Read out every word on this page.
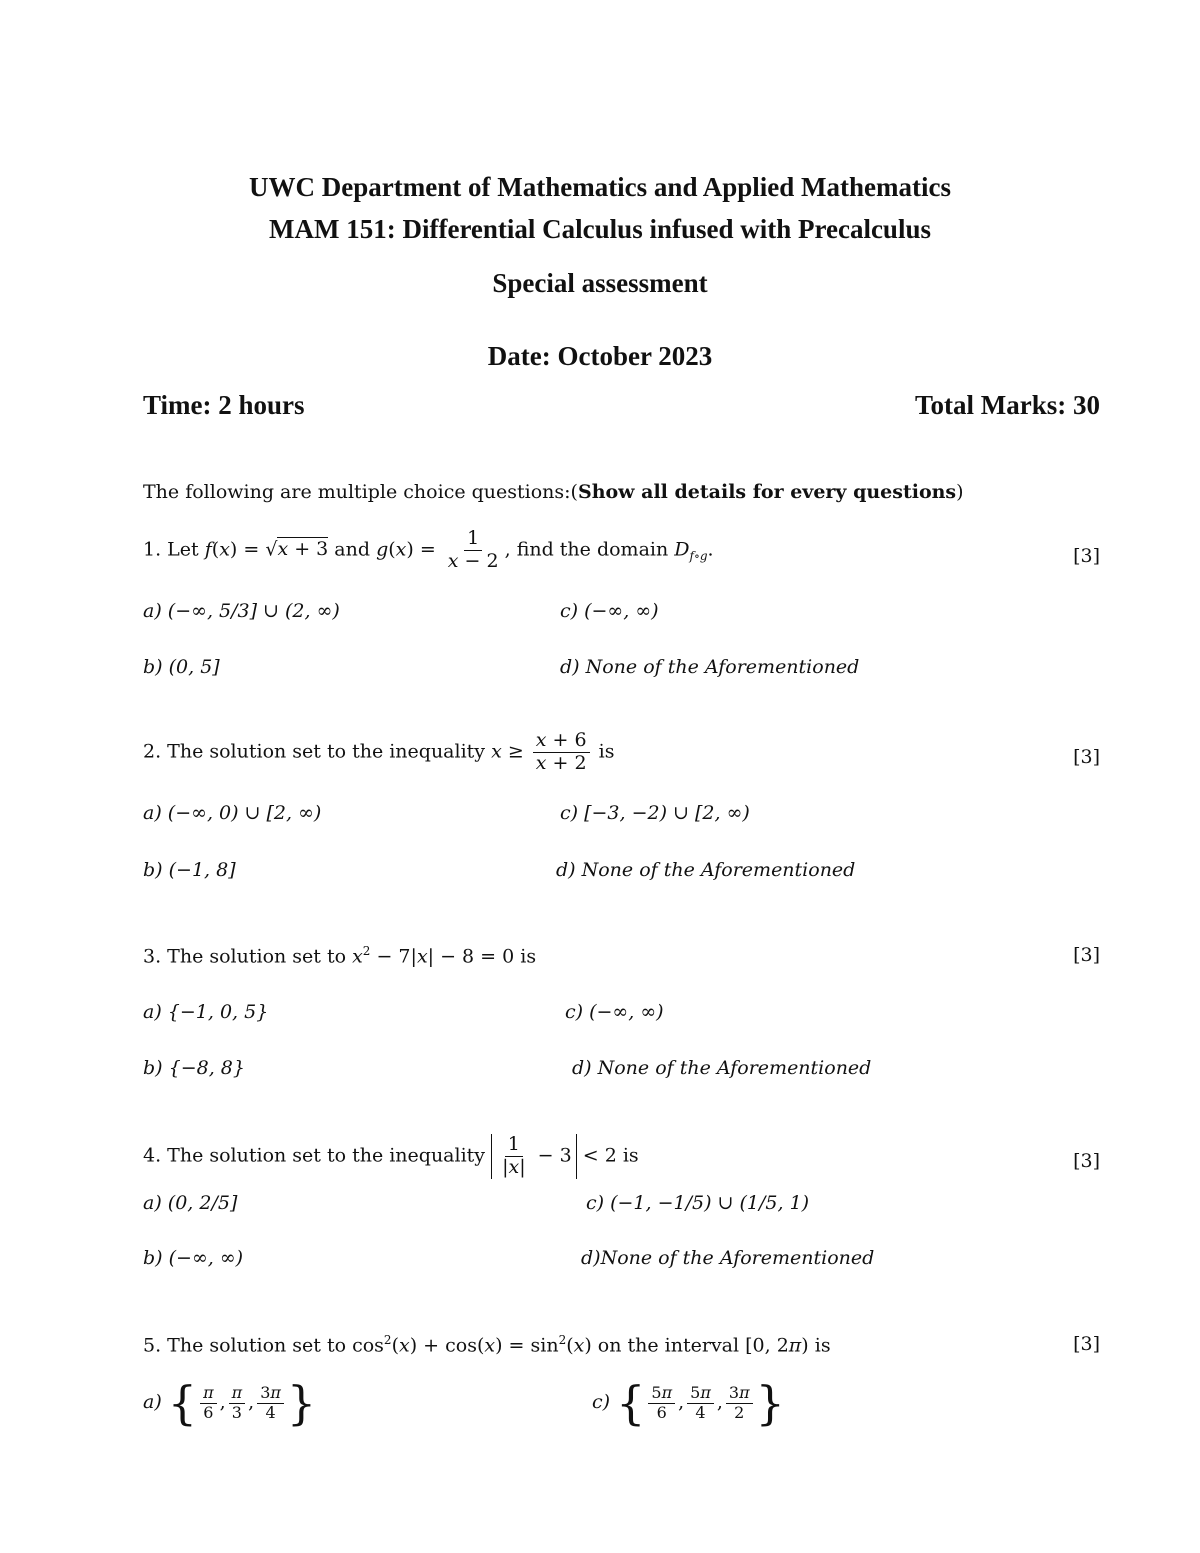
UWC Department of Mathematics and Applied Mathematics
MAM 151: Differential Calculus infused with Precalculus
Special assessment
Date: October 2023
Time: 2 hours	Total Marks: 30
The following are multiple choice questions:(Show all details for every questions)
1. Let f(x) = √x + 3 and $g(x) = \frac{1}{x - 2}$ , find the domain $D_{f\circ g}$.	[3]
a) (−∞, 5/3] ∪ (2, ∞)	c) (−∞, ∞)
b) (0, 5]	d) None of the Aforementioned
2. The solution set to the inequality $x \ge \frac{x + 6}{x + 2}$ is	[3]
a) (−∞, 0) ∪ [2, ∞)	c) [−3, −2) ∪ [2, ∞)
b) (−1, 8]	d) None of the Aforementioned
3. The solution set to $x^2 - 7|x| - 8 = 0$ is	[3]
a) {−1, 0, 5}	c) (−∞, ∞)
b) {−8, 8}	d) None of the Aforementioned
4. The solution set to the inequality $\frac{1}{|x|} - 3 < 2$ is	[3]
a) (0, 2/5]	c) (−1, −1/5) ∪ (1/5, 1)
b) (−∞, ∞)	d)None of the Aforementioned
5. The solution set to $\cos^2(x) + \cos(x) = \sin^2(x)$ on the interval [0, 2π) is	[3]
a) { $\frac{\pi}{6}$ , $\frac{\pi}{3}$ , $\frac{3\pi}{4}$ }	c) { $\frac{5\pi}{6}$ , $\frac{5\pi}{4}$ , $\frac{3\pi}{2}$ }
